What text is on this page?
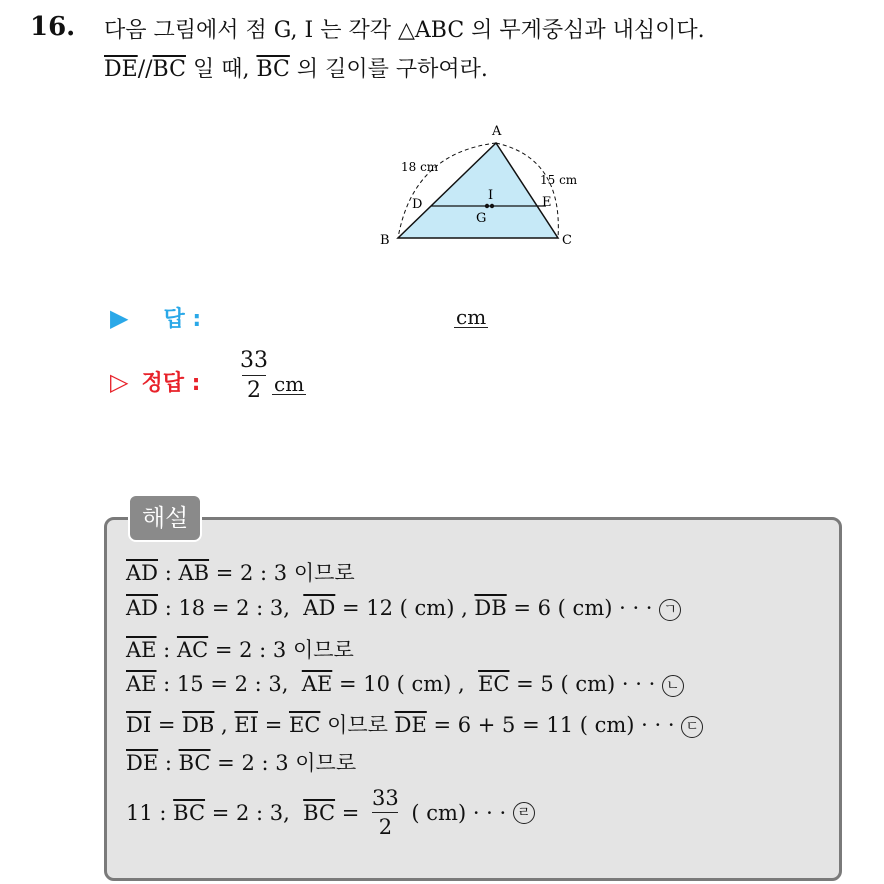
16. 다음 그림에서 점 G, I 는 각각 △ABC 의 무게중심과 내심이다.
$\overline{DE}//\overline{BC}$ 일 때, $\overline{BC}$ 의 길이를 구하여라.
A
B	C
D	E
I
G
18 cm
15 cm
▶ 답 :	cm
▷ 정답 :
33
2 cm
해설
$\overline{AD}$ : $\overline{AB} = 2$ : 3 이므로
$\overline{AD}$ : 18 = 2 : 3,  $\overline{AD} = 12$ ( cm) , $\overline{DB} = 6$ ( cm) · · · ㄱ
$\overline{AE}$ : $\overline{AC} = 2$ : 3 이므로
$\overline{AE}$ : 15 = 2 : 3,  $\overline{AE} = 10$ ( cm) ,  $\overline{EC} = 5$ ( cm) · · · ㄴ
$\overline{DI} = \overline{DB}$ , $\overline{EI} = \overline{EC}$ 이므로 $\overline{DE} = 6 + 5 = 11$ ( cm) · · · ㄷ
$\overline{DE}$ : $\overline{BC} = 2$ : 3 이므로
11 : $\overline{BC} = 2$ : 3, $\overline{BC}$ =
33
2
( cm) · · · ㄹ
